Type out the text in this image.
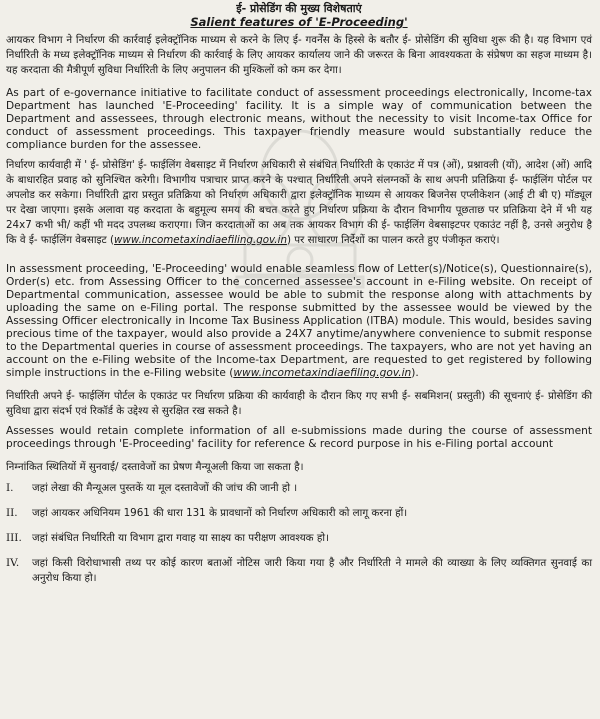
ई- प्रोसेडिंग की मुख्य विशेषताएं

Salient features of 'E-Proceeding'

आयकर विभाग ने निर्धारण की कार्रवाई इलेक्ट्रॉनिक माध्यम से करने के लिए ई- गवर्नेंस के हिस्से के बतौर ई- प्रोसेडिंग की सुविधा शुरू की है। यह विभाग एवं निर्धारिती के मध्य इलेक्ट्रॉनिक माध्यम से निर्धारण की कार्रवाई के लिए आयकर कार्यालय जाने की जरूरत के बिना आवश्यकता के संप्रेषण का सहज माध्यम है। यह करदाता की मैत्रीपूर्ण सुविधा निर्धारिती के लिए अनुपालन की मुश्किलों को कम कर देगा।

As part of e-governance initiative to facilitate conduct of assessment proceedings electronically, Income-tax Department has launched 'E-Proceeding' facility. It is a simple way of communication between the Department and assessees, through electronic means, without the necessity to visit Income-tax Office for conduct of assessment proceedings. This taxpayer friendly measure would substantially reduce the compliance burden for the assessee.

निर्धारण कार्यवाही में ' ई- प्रोसेडिंग' ई- फाईलिंग वेबसाइट में निर्धारण अधिकारी से संबंधित निर्धारिती के एकाउंट में पत्र (ओं), प्रश्नावली (यों), आदेश (ओं) आदि के बाधारहित प्रवाह को सुनिश्चित करेगी। विभागीय पत्राचार प्राप्त करने के पश्चात् निर्धारिती अपने संलग्नकों के साथ अपनी प्रतिक्रिया ई- फाईलिंग पोर्टल पर अपलोड कर सकेगा। निर्धारिती द्वारा प्रस्तुत प्रतिक्रिया को निर्धारण अधिकारी द्वारा इलेक्ट्रॉनिक माध्यम से आयकर बिजनेस एप्लीकेशन (आई टी बी ए) मॉड्यूल पर देखा जाएगा। इसके अलावा यह करदाता के बहुमूल्य समय की बचत करते हुए निर्धारण प्रक्रिया के दौरान विभागीय पूछताछ पर प्रतिक्रिया देने में भी यह 24x7 कभी भी/ कहीं भी मदद उपलब्ध कराएगा। जिन करदाताओं का अब तक आयकर विभाग की ई- फाईलिंग वेबसाइटपर एकाउंट नहीं है, उनसे अनुरोध है कि वे ई- फाईलिंग वेबसाइट (www.incometaxindiaefiling.gov.in) पर साधारण निर्देशों का पालन करते हुए पंजीकृत कराएं।

In assessment proceeding, 'E-Proceeding' would enable seamless flow of Letter(s)/Notice(s), Questionnaire(s), Order(s) etc. from Assessing Officer to the concerned assessee's account in e-Filing website. On receipt of Departmental communication, assessee would be able to submit the response along with attachments by uploading the same on e-Filing portal. The response submitted by the assessee would be viewed by the Assessing Officer electronically in Income Tax Business Application (ITBA) module. This would, besides saving precious time of the taxpayer, would also provide a 24X7 anytime/anywhere convenience to submit response to the Departmental queries in course of assessment proceedings. The taxpayers, who are not yet having an account on the e-Filing website of the Income-tax Department, are requested to get registered by following simple instructions in the e-Filing website (www.incometaxindiaefiling.gov.in).

निर्धारिती अपने ई- फाईलिंग पोर्टल के एकाउंट पर निर्धारण प्रक्रिया की कार्यवाही के दौरान किए गए सभी ई- सबमिशन( प्रस्तुती) की सूचनाएं ई- प्रोसेडिंग की सुविधा द्वारा संदर्भ एवं रिकॉर्ड के उद्देश्य से सुरक्षित रख सकते है।

Assesses would retain complete information of all e-submissions made during the course of assessment proceedings through 'E-Proceeding' facility for reference & record purpose in his e-Filing portal account

निम्नांकित स्थितियों में सुनवाई/ दस्तावेजों का प्रेषण मैन्यूअली किया जा सकता है।

I.	जहां लेखा की मैन्यूअल पुस्तकें या मूल दस्तावेजों की जांच की जानी हो ।
II.	जहां आयकर अधिनियम 1961 की धारा 131 के प्रावधानों को निर्धारण अधिकारी को लागू करना हों।
III. जहां संबंधित निर्धारिती या विभाग द्वारा गवाह या साक्ष्य का परीक्षण आवश्यक हो।
IV.	जहां किसी विरोधाभासी तथ्य पर कोई कारण बताओं नोटिस जारी किया गया है और निर्धारिती ने मामले की व्याख्या के लिए व्यक्तिगत सुनवाई का अनुरोध किया हो।
